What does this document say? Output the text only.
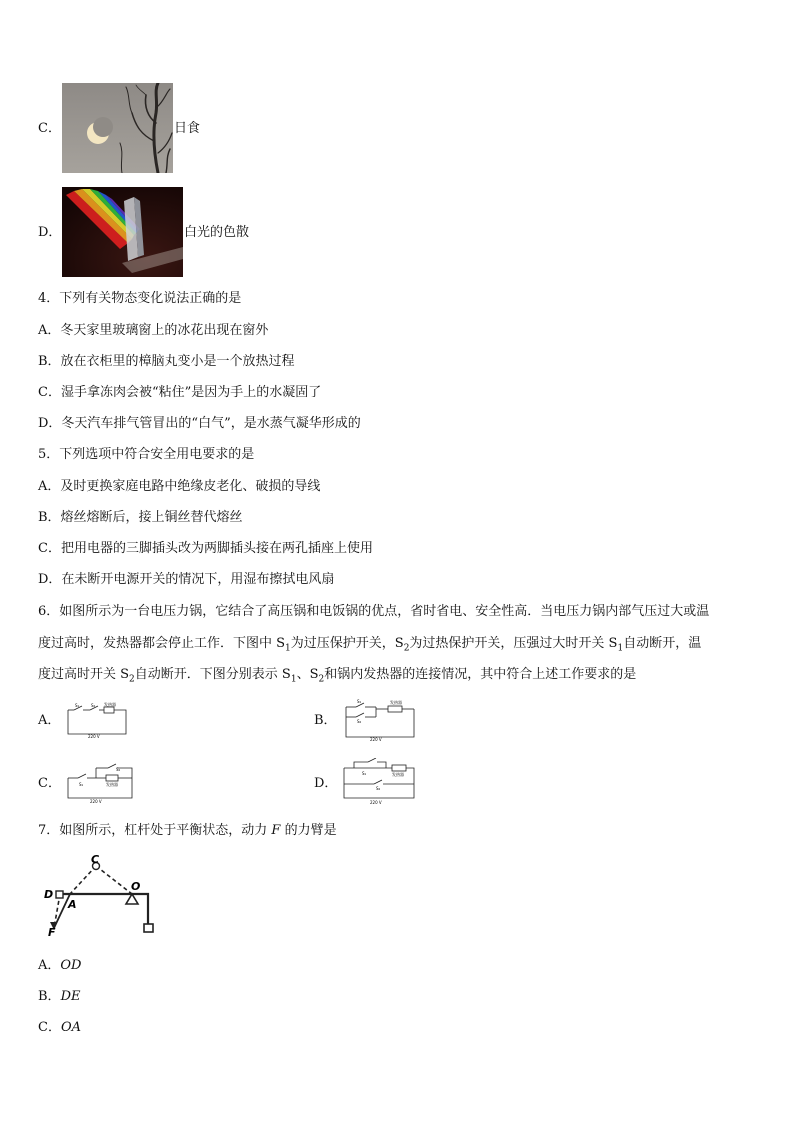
C．	日食
D．	白光的色散
4．下列有关物态变化说法正确的是
A．冬天家里玻璃窗上的冰花出现在窗外
B．放在衣柜里的樟脑丸变小是一个放热过程
C．湿手拿冻肉会被“粘住”是因为手上的水凝固了
D．冬天汽车排气管冒出的“白气”，是水蒸气凝华形成的
5．下列选项中符合安全用电要求的是
A．及时更换家庭电路中绝缘皮老化、破损的导线
B．熔丝熔断后，接上铜丝替代熔丝
C．把用电器的三脚插头改为两脚插头接在两孔插座上使用
D．在未断开电源开关的情况下，用湿布擦拭电风扇
6．如图所示为一台电压力锅，它结合了高压锅和电饭锅的优点，省时省电、安全性高．当电压力锅内部气压过大或温
度过高时，发热器都会停止工作．下图中 $S_1$为过压保护开关，$S_2$为过热保护开关，压强过大时开关 $S_1$自动断开，温
度过高时开关 $S_2$自动断开．下图分别表示 $S_1$、$S_2$和锅内发热器的连接情况，其中符合上述工作要求的是
A．
S₁	S₂ 发热器
220 V
B．
S₁
S₂
发热器
220 V
C．	S₁
S₂
发热器
220 V
D．
S₁
S₂
发热器
220 V
7．如图所示，杠杆处于平衡状态，动力 F 的力臂是
C
O
D
A
F
A．OD
B．DE
C．OA
